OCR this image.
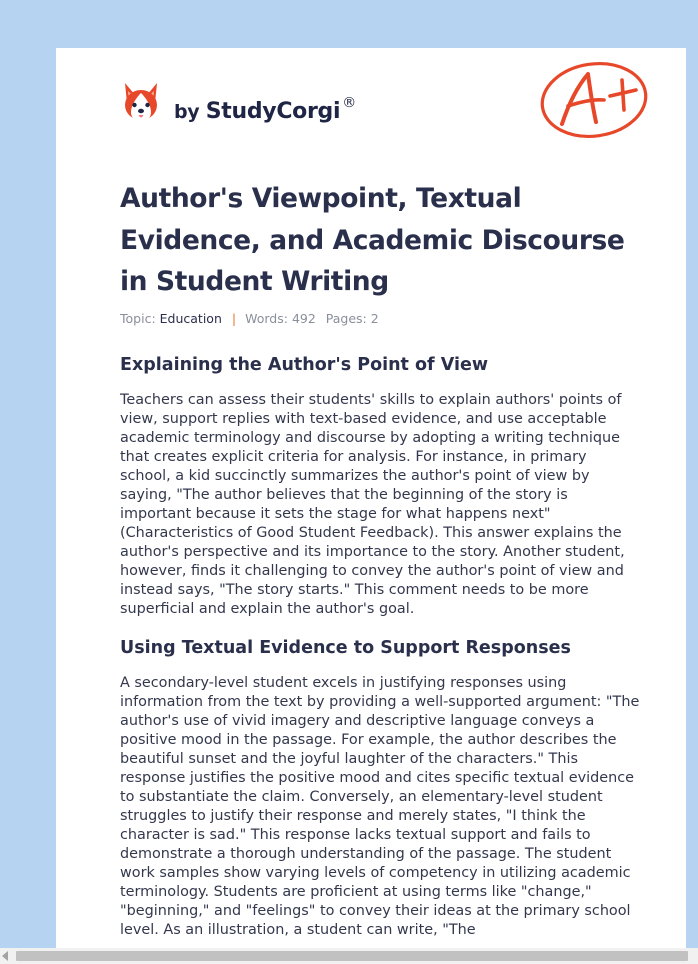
by StudyCorgi ®
Author's Viewpoint, Textual Evidence, and Academic Discourse in Student Writing
Topic: Education | Words: 492 Pages: 2
Explaining the Author's Point of View

Teachers can assess their students' skills to explain authors' points of view, support replies with text-based evidence, and use acceptable academic terminology and discourse by adopting a writing technique that creates explicit criteria for analysis. For instance, in primary school, a kid succinctly summarizes the author's point of view by saying, "The author believes that the beginning of the story is important because it sets the stage for what happens next" (Characteristics of Good Student Feedback). This answer explains the author's perspective and its importance to the story. Another student, however, finds it challenging to convey the author's point of view and instead says, "The story starts." This comment needs to be more superficial and explain the author's goal.

Using Textual Evidence to Support Responses

A secondary-level student excels in justifying responses using information from the text by providing a well-supported argument: "The author's use of vivid imagery and descriptive language conveys a positive mood in the passage. For example, the author describes the beautiful sunset and the joyful laughter of the characters." This response justifies the positive mood and cites specific textual evidence to substantiate the claim. Conversely, an elementary-level student struggles to justify their response and merely states, "I think the character is sad." This response lacks textual support and fails to demonstrate a thorough understanding of the passage. The student work samples show varying levels of competency in utilizing academic terminology. Students are proficient at using terms like "change," "beginning," and "feelings" to convey their ideas at the primary school level. As an illustration, a student can write, "The
